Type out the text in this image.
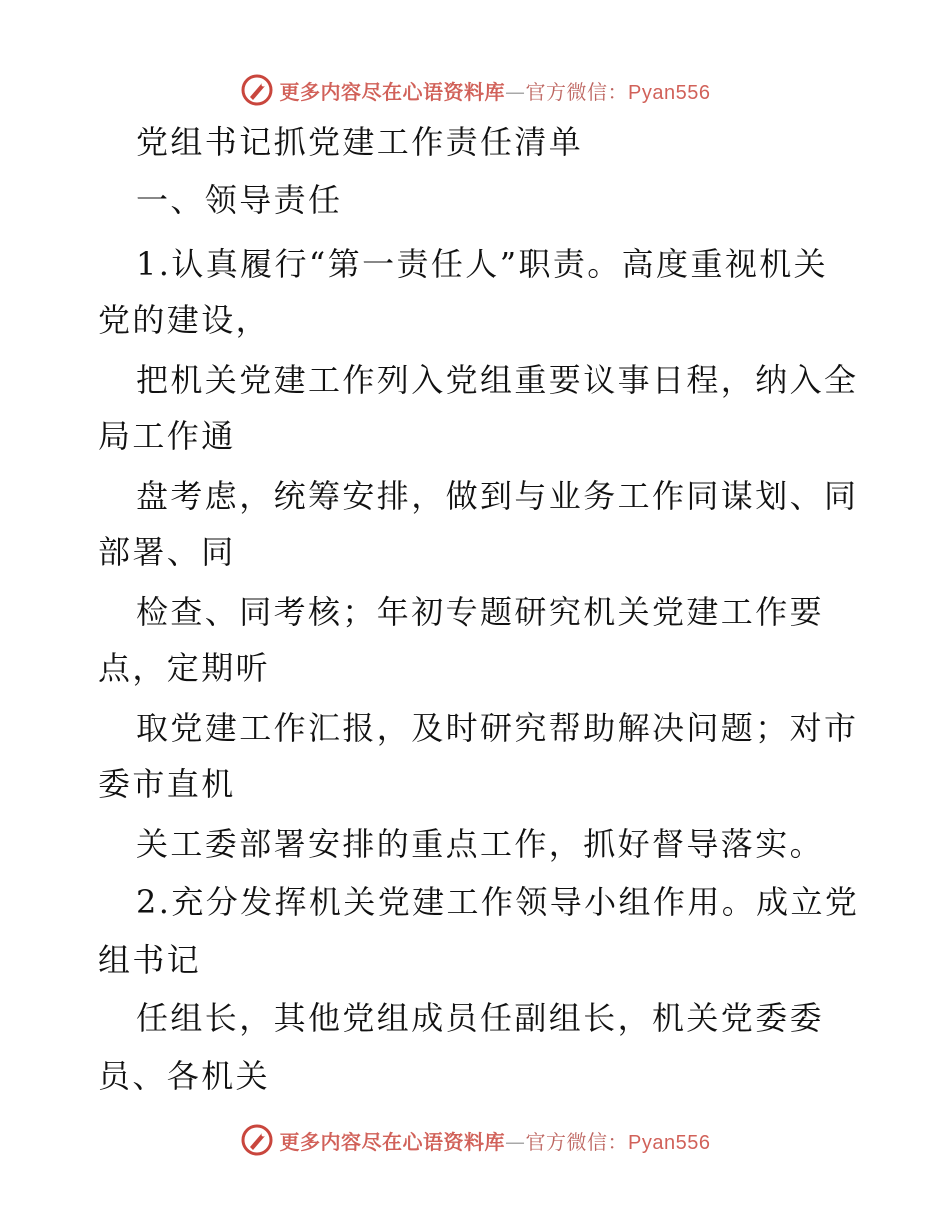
更多内容尽在心语资料库—官方微信：Pyan556
党组书记抓党建工作责任清单
一、领导责任
1.认真履行“第一责任人”职责。高度重视机关
党的建设，
把机关党建工作列入党组重要议事日程，纳入全
局工作通
盘考虑，统筹安排，做到与业务工作同谋划、同
部署、同
检查、同考核；年初专题研究机关党建工作要
点，定期听
取党建工作汇报，及时研究帮助解决问题；对市
委市直机
关工委部署安排的重点工作，抓好督导落实。
2.充分发挥机关党建工作领导小组作用。成立党
组书记
任组长，其他党组成员任副组长，机关党委委
员、各机关
更多内容尽在心语资料库—官方微信：Pyan556
